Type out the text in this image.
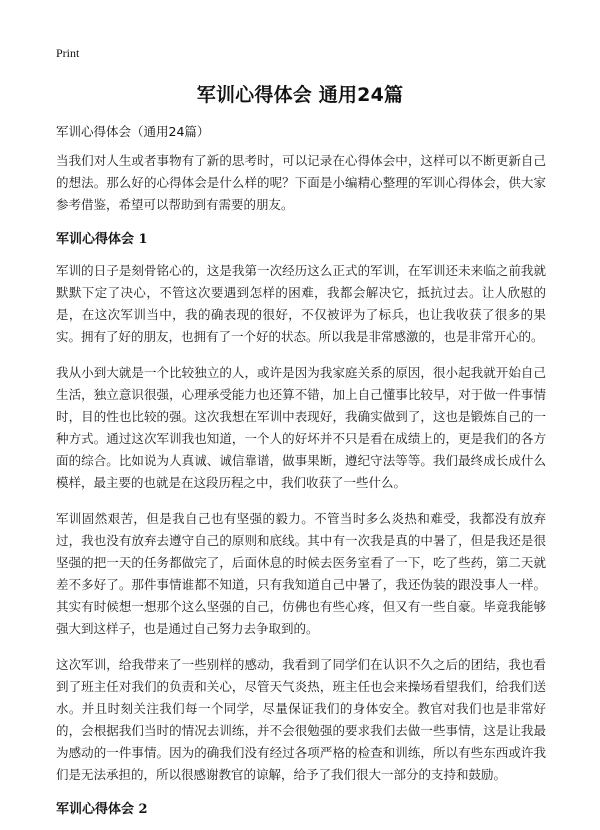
Print
军训心得体会 通用24篇
军训心得体会（通用24篇）

当我们对人生或者事物有了新的思考时，可以记录在心得体会中，这样可以不断更新自己的想法。那么好的心得体会是什么样的呢？下面是小编精心整理的军训心得体会，供大家参考借鉴，希望可以帮助到有需要的朋友。

军训心得体会 1

军训的日子是刻骨铭心的，这是我第一次经历这么正式的军训，在军训还未来临之前我就默默下定了决心，不管这次要遇到怎样的困难，我都会解决它，抵抗过去。让人欣慰的是，在这次军训当中，我的确表现的很好，不仅被评为了标兵，也让我收获了很多的果实。拥有了好的朋友，也拥有了一个好的状态。所以我是非常感激的，也是非常开心的。

我从小到大就是一个比较独立的人，或许是因为我家庭关系的原因，很小起我就开始自己生活，独立意识很强，心理承受能力也还算不错，加上自己懂事比较早，对于做一件事情时，目的性也比较的强。这次我想在军训中表现好，我确实做到了，这也是锻炼自己的一种方式。通过这次军训我也知道，一个人的好坏并不只是看在成绩上的，更是我们的各方面的综合。比如说为人真诚、诚信靠谱，做事果断，遵纪守法等等。我们最终成长成什么模样，最主要的也就是在这段历程之中，我们收获了一些什么。

军训固然艰苦，但是我自己也有坚强的毅力。不管当时多么炎热和难受，我都没有放弃过，我也没有放弃去遵守自己的原则和底线。其中有一次我是真的中暑了，但是我还是很坚强的把一天的任务都做完了，后面休息的时候去医务室看了一下，吃了些药，第二天就差不多好了。那件事情谁都不知道，只有我知道自己中暑了，我还伪装的跟没事人一样。其实有时候想一想那个这么坚强的自己，仿佛也有些心疼，但又有一些自豪。毕竟我能够强大到这样子，也是通过自己努力去争取到的。

这次军训，给我带来了一些别样的感动，我看到了同学们在认识不久之后的团结，我也看到了班主任对我们的负责和关心，尽管天气炎热，班主任也会来操场看望我们，给我们送水。并且时刻关注我们每一个同学，尽量保证我们的身体安全。教官对我们也是非常好的，会根据我们当时的情况去训练，并不会很勉强的要求我们去做一些事情，这是让我最为感动的一件事情。因为的确我们没有经过各项严格的检查和训练，所以有些东西或许我们是无法承担的，所以很感谢教官的谅解，给予了我们很大一部分的支持和鼓励。

军训心得体会 2
